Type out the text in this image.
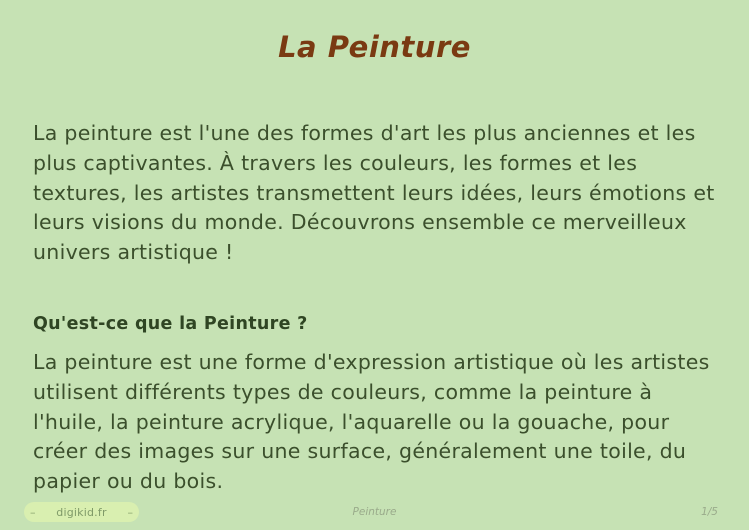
La Peinture

La peinture est l'une des formes d'art les plus anciennes et les plus captivantes. À travers les couleurs, les formes et les textures, les artistes transmettent leurs idées, leurs émotions et leurs visions du monde. Découvrons ensemble ce merveilleux univers artistique !

Qu'est-ce que la Peinture ?

La peinture est une forme d'expression artistique où les artistes utilisent différents types de couleurs, comme la peinture à l'huile, la peinture acrylique, l'aquarelle ou la gouache, pour créer des images sur une surface, généralement une toile, du papier ou du bois.

– digikid.fr –	Peinture	1/5
